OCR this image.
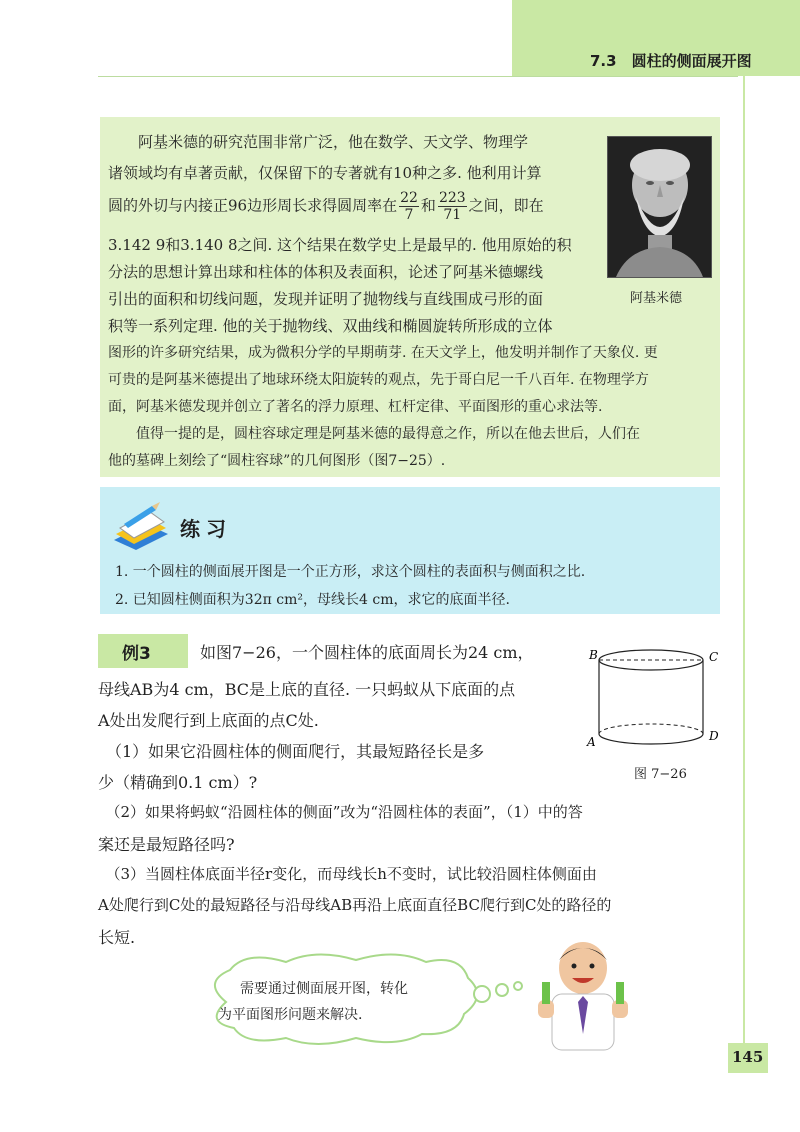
7.3　圆柱的侧面展开图
　　阿基米德的研究范围非常广泛，他在数学、天文学、物理学
诸领域均有卓著贡献，仅保留下的专著就有10种之多. 他利用计算
圆的外切与内接正96边形周长求得圆周率在 $\frac{22}{7}$ 和 $\frac{223}{71}$ 之间，即在
3.142 9和3.140 8之间. 这个结果在数学史上是最早的. 他用原始的积
分法的思想计算出球和柱体的体积及表面积，论述了阿基米德螺线
引出的面积和切线问题，发现并证明了抛物线与直线围成弓形的面
积等一系列定理. 他的关于抛物线、双曲线和椭圆旋转所形成的立体
图形的许多研究结果，成为微积分学的早期萌芽. 在天文学上，他发明并制作了天象仪. 更
可贵的是阿基米德提出了地球环绕太阳旋转的观点，先于哥白尼一千八百年. 在物理学方
面，阿基米德发现并创立了著名的浮力原理、杠杆定律、平面图形的重心求法等.
　　值得一提的是，圆柱容球定理是阿基米德的最得意之作，所以在他去世后，人们在
他的墓碑上刻绘了“圆柱容球”的几何图形（图7−25）.
阿基米德
练习
1. 一个圆柱的侧面展开图是一个正方形，求这个圆柱的表面积与侧面积之比.
2. 已知圆柱侧面积为32π cm²，母线长4 cm，求它的底面半径.
例3	如图7−26，一个圆柱体的底面周长为24 cm，
母线AB为4 cm，BC是上底的直径. 一只蚂蚁从下底面的点
A处出发爬行到上底面的点C处.
　（1）如果它沿圆柱体的侧面爬行，其最短路径长是多
少（精确到0.1 cm）?
　（2）如果将蚂蚁“沿圆柱体的侧面”改为“沿圆柱体的表面”，（1）中的答
案还是最短路径吗?
　（3）当圆柱体底面半径r变化，而母线长h不变时，试比较沿圆柱体侧面由
A处爬行到C处的最短路径与沿母线AB再沿上底面直径BC爬行到C处的路径的
长短.
B	C
A	D
图 7−26
需要通过侧面展开图，转化
为平面图形问题来解决.
145
